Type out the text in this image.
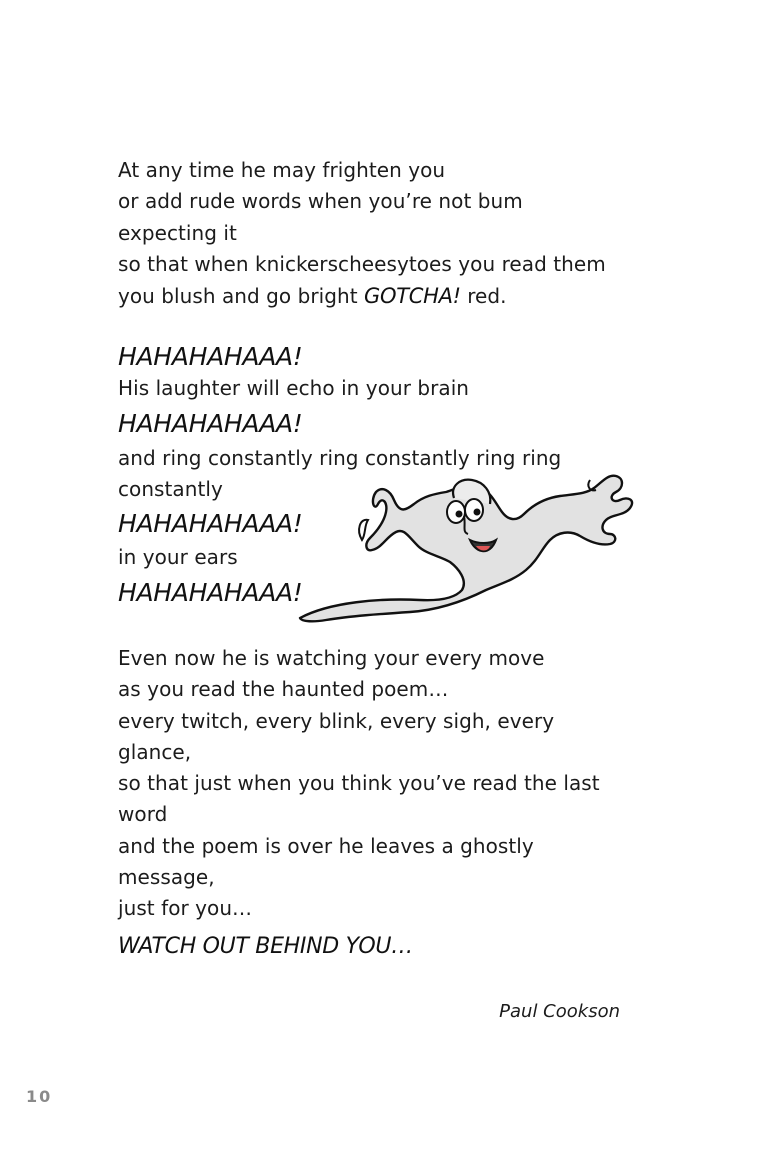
At any time he may frighten you
or add rude words when you’re not bum
expecting it
so that when knickerscheesytoes you read them
you blush and go bright GOTCHA! red.
HAHAHAHAAA!
His laughter will echo in your brain
HAHAHAHAAA!
and ring constantly ring constantly ring ring
constantly
HAHAHAHAAA!
in your ears
HAHAHAHAAA!
Even now he is watching your every move
as you read the haunted poem…
every twitch, every blink, every sigh, every
glance,
so that just when you think you’ve read the last
word
and the poem is over he leaves a ghostly
message,
just for you…
WATCH OUT BEHIND YOU…
Paul Cookson
10
